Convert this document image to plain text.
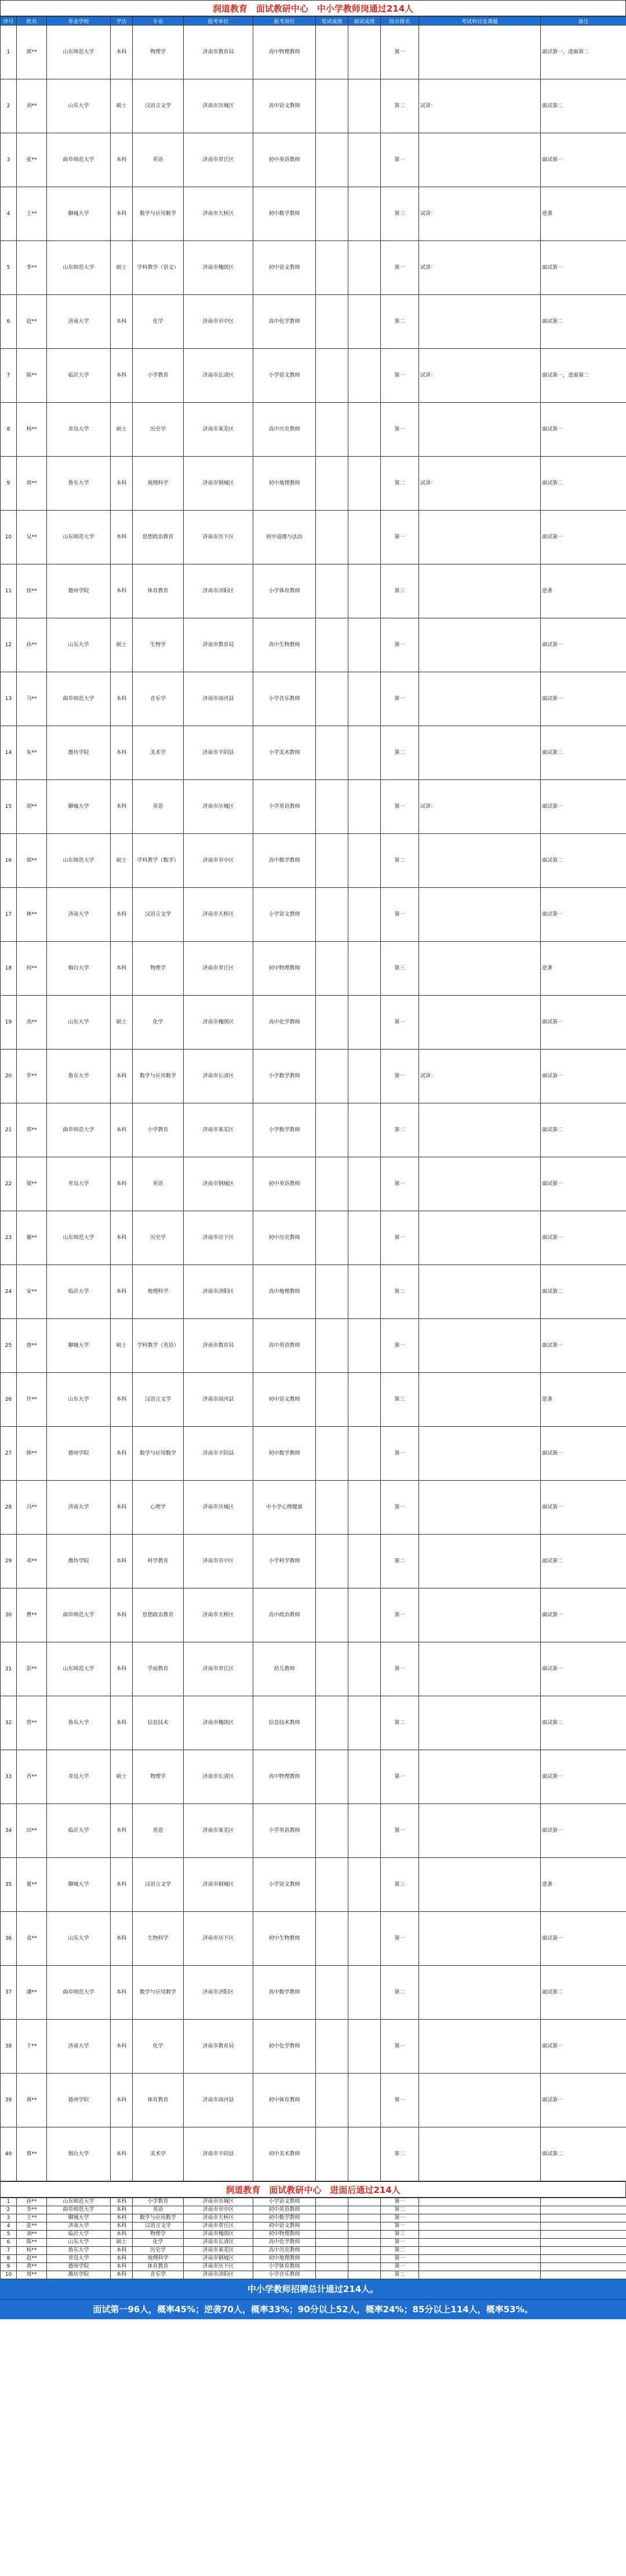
润道教育　面试教研中心　中小学教师岗通过214人
序号	姓名	毕业学校	学历	专业	报考单位	报考岗位	笔试成绩	面试成绩	综合排名	考试科目及课题	备注
1	郭**	山东师范大学	本科	物理学	济南市教育局	高中物理教师			第一		面试第一，进面第二
2	刘**	山东大学	硕士	汉语言文学	济南市历城区	高中语文教师			第二	试讲：	面试第二
3	张**	曲阜师范大学	本科	英语	济南市章丘区	初中英语教师			第一		面试第一
4	王**	聊城大学	本科	数学与应用数学	济南市天桥区	初中数学教师			第三	试讲：	逆袭
5	李**	山东师范大学	硕士	学科教学（语文）	济南市槐荫区	初中语文教师			第一	试讲：	面试第一
6	赵**	济南大学	本科	化学	济南市市中区	高中化学教师			第二		面试第二
7	陈**	临沂大学	本科	小学教育	济南市长清区	小学语文教师			第一	试讲：	面试第一，进面第二
8	杨**	青岛大学	硕士	历史学	济南市莱芜区	高中历史教师			第一		面试第一
9	周**	鲁东大学	本科	地理科学	济南市钢城区	初中地理教师			第二	试讲：	面试第二
10	吴**	山东师范大学	本科	思想政治教育	济南市历下区	初中道德与法治			第一		面试第一
11	徐**	德州学院	本科	体育教育	济南市济阳区	小学体育教师			第三		逆袭
12	孙**	山东大学	硕士	生物学	济南市教育局	高中生物教师			第一		面试第一
13	马**	曲阜师范大学	本科	音乐学	济南市商河县	小学音乐教师			第一		面试第一
14	朱**	潍坊学院	本科	美术学	济南市平阴县	小学美术教师			第二		面试第二
15	胡**	聊城大学	本科	英语	济南市历城区	小学英语教师			第一	试讲：	面试第一
16	郭**	山东师范大学	硕士	学科教学（数学）	济南市市中区	高中数学教师			第二		面试第二
17	林**	济南大学	本科	汉语言文学	济南市天桥区	小学语文教师			第一		面试第一
18	何**	烟台大学	本科	物理学	济南市章丘区	初中物理教师			第三		逆袭
19	高**	山东大学	硕士	化学	济南市槐荫区	高中化学教师			第一		面试第一
20	罗**	鲁东大学	本科	数学与应用数学	济南市长清区	小学数学教师			第一	试讲：	面试第一
21	郑**	曲阜师范大学	本科	小学教育	济南市莱芜区	小学数学教师			第二		面试第二
22	梁**	青岛大学	本科	英语	济南市钢城区	初中英语教师			第一		面试第一
23	谢**	山东师范大学	本科	历史学	济南市历下区	初中历史教师			第一		面试第一
24	宋**	临沂大学	本科	地理科学	济南市济阳区	高中地理教师			第二		面试第二
25	唐**	聊城大学	硕士	学科教学（英语）	济南市教育局	高中英语教师			第一		面试第一
26	许**	山东大学	本科	汉语言文学	济南市商河县	初中语文教师			第三		逆袭
27	韩**	德州学院	本科	数学与应用数学	济南市平阴县	初中数学教师			第一		面试第一
28	冯**	济南大学	本科	心理学	济南市历城区	中小学心理健康			第一		面试第一
29	邓**	潍坊学院	本科	科学教育	济南市市中区	小学科学教师			第二		面试第二
30	曹**	曲阜师范大学	本科	思想政治教育	济南市天桥区	高中政治教师			第一		面试第一
31	彭**	山东师范大学	本科	学前教育	济南市章丘区	幼儿教师			第一		面试第一
32	曾**	鲁东大学	本科	信息技术	济南市槐荫区	信息技术教师			第二		面试第二
33	肖**	青岛大学	硕士	物理学	济南市长清区	高中物理教师			第一		面试第一
34	田**	临沂大学	本科	英语	济南市莱芜区	小学英语教师			第一		面试第一
35	董**	聊城大学	本科	汉语言文学	济南市钢城区	小学语文教师			第三		逆袭
36	袁**	山东大学	本科	生物科学	济南市历下区	初中生物教师			第一		面试第一
37	潘**	曲阜师范大学	本科	数学与应用数学	济南市济阳区	高中数学教师			第二		面试第二
38	于**	济南大学	本科	化学	济南市教育局	初中化学教师			第一		面试第一
39	蒋**	德州学院	本科	体育教育	济南市商河县	初中体育教师			第一		面试第一
40	蔡**	烟台大学	本科	美术学	济南市平阴县	初中美术教师			第二		面试第二
润道教育　面试教研中心　进面后通过214人
1	孙**	山东师范大学	本科	小学教育	济南市历城区	小学语文教师			第一		
2	李**	曲阜师范大学	本科	英语	济南市市中区	初中英语教师			第二		
3	王**	聊城大学	本科	数学与应用数学	济南市天桥区	初中数学教师			第一		
4	张**	济南大学	本科	汉语言文学	济南市章丘区	初中语文教师			第一		
5	刘**	临沂大学	本科	物理学	济南市槐荫区	初中物理教师			第三		
6	陈**	山东大学	硕士	化学	济南市长清区	高中化学教师			第一		
7	杨**	鲁东大学	本科	历史学	济南市莱芜区	高中历史教师			第二		
8	赵**	青岛大学	本科	地理科学	济南市钢城区	初中地理教师			第一		
9	黄**	德州学院	本科	体育教育	济南市历下区	小学体育教师			第一		
10	周**	潍坊学院	本科	音乐学	济南市济阳区	小学音乐教师			第二		
中小学教师招聘总计通过214人。
面试第一96人，概率45%；逆袭70人，概率33%；90分以上52人，概率24%；85分以上114人，概率53%。
